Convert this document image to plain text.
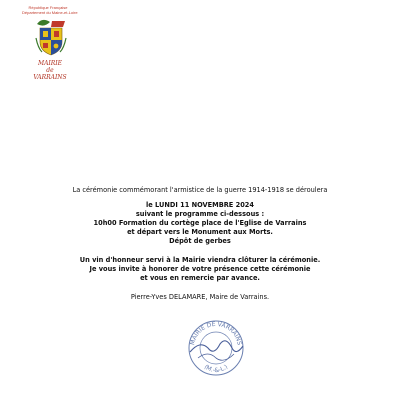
République Française
Département du Maine-et-Loire
MAIRIE
de
VARRAINS
La cérémonie commémorant l'armistice de la guerre 1914-1918 se déroulera
le LUNDI 11 NOVEMBRE 2024
suivant le programme ci-dessous :
10h00 Formation du cortège place de l'Eglise de Varrains
et départ vers le Monument aux Morts.
Dépôt de gerbes
Un vin d'honneur servi à la Mairie viendra clôturer la cérémonie.
Je vous invite à honorer de votre présence cette cérémonie
et vous en remercie par avance.
Pierre-Yves DELAMARE, Maire de Varrains.
MAIRIE DE VARRAINS
(M.-&-L.)
